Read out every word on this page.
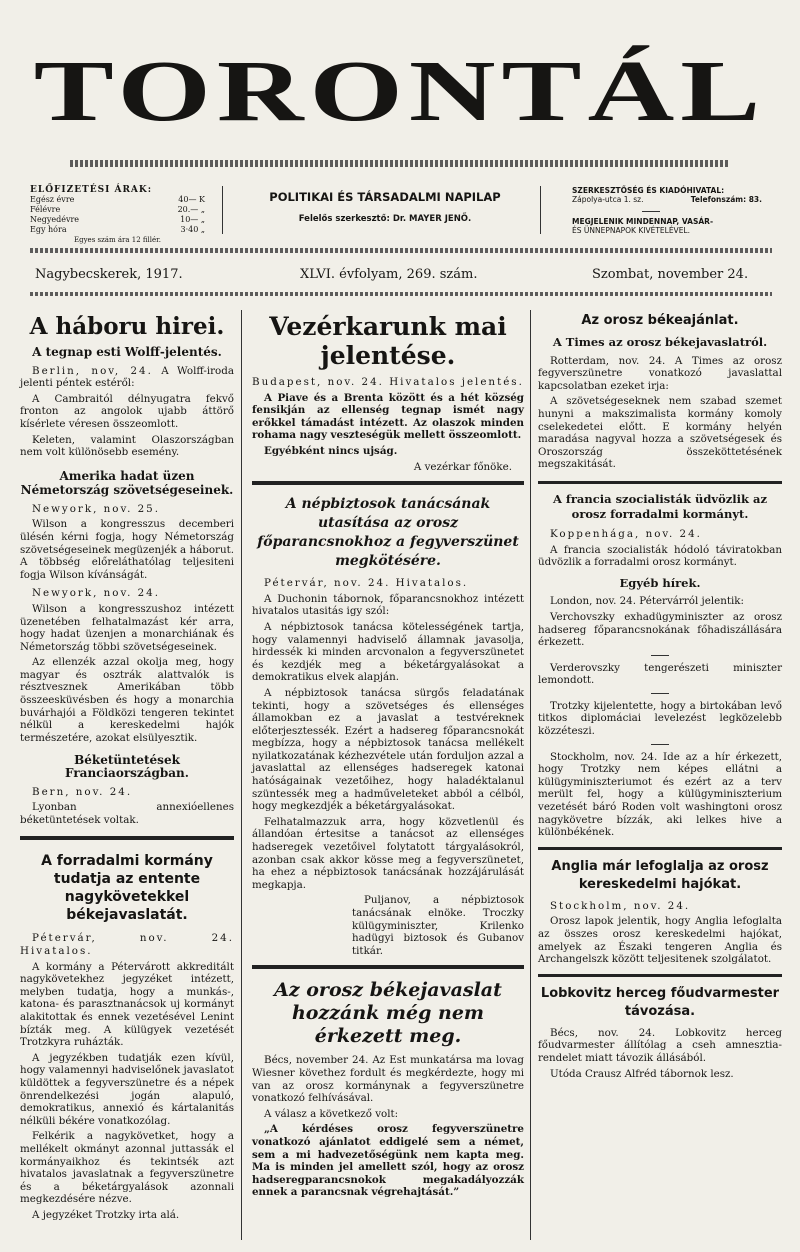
TORONTÁL
ELŐFIZETÉSI ÁRAK:
Egész évre	40— K
Félévre	20.— „
Negyedévre	10— „
Egy hóra	3·40 „
Egyes szám ára 12 fillér.
POLITIKAI ÉS TÁRSADALMI NAPILAP
Felelős szerkesztő: Dr. MAYER JENŐ.
SZERKESZTŐSÉG ÉS KIADÓHIVATAL:
Zápolya-utca 1. sz.	Telefonszám: 83.
MEGJELENIK MINDENNAP, VASÁR-
ÉS ÜNNEPNAPOK KIVÉTELÉVEL.
Nagybecskerek, 1917.	XLVI. évfolyam, 269. szám.	Szombat, november 24.
A háboru hirei.
A tegnap esti Wolff-jelentés.

Berlin, nov, 24. A Wolff-iroda jelenti péntek estéről:

A Cambraitól délnyugatra fekvő fronton az angolok ujabb áttörő kísérlete véresen összeomlott.

Keleten, valamint Olaszországban nem volt különösebb esemény.

Amerika hadat üzen Németország szövetségeseinek.

Newyork, nov. 25.

Wilson a kongresszus decemberi ülésén kérni fogja, hogy Németország szövetségeseinek megüzenjék a háborut. A többség előreláthatólag teljesiteni fogja Wilson kívánságát.

Newyork, nov. 24.

Wilson a kongresszushoz intézett üzenetében felhatalmazást kér arra, hogy hadat üzenjen a monarchiának és Németország többi szövetségeseinek.

Az ellenzék azzal okolja meg, hogy magyar és osztrák alattvalók is résztvesznek Amerikában több összeesküvésben és hogy a monarchia buvárhajói a Földközi tengeren tekintet nélkül a kereskedelmi hajók természetére, azokat elsülyesztik.

Béketüntetések Franciaországban.

Bern, nov. 24.

Lyonban annexióellenes béketüntetések voltak.

A forradalmi kormány tudatja az entente nagykövetekkel békejavaslatát.

Pétervár, nov. 24. Hivatalos.

A kormány a Pétervárott akkreditált nagykövetekhez jegyzéket intézett, melyben tudatja, hogy a munkás-, katona- és parasztnanácsok uj kormányt alakitottak és ennek vezetésével Lenint bízták meg. A külügyek vezetését Trotzkyra ruházták.

A jegyzékben tudatják ezen kívül, hogy valamennyi hadviselőnek javaslatot küldöttek a fegyverszünetre és a népek önrendelkezési jogán alapuló, demokratikus, annexió és kártalanitás nélküli békére vonatkozólag.

Felkérik a nagykövetket, hogy a mellékelt okmányt azonnal juttassák el kormányaikhoz és tekintsék azt hivatalos javaslatnak a fegyverszünetre és a béketárgyalások azonnali megkezdésére nézve.

A jegyzéket Trotzky irta alá.

Vezérkarunk mai jelentése.

Budapest, nov. 24. Hivatalos jelentés.

A Piave és a Brenta között és a hét község fensikján az ellenség tegnap ismét nagy erőkkel támadást intézett. Az olaszok minden rohama nagy veszteségük mellett összeomlott.

Egyébként nincs ujság.

A vezérkar főnöke.

A népbiztosok tanácsának utasítása az orosz főparancsnokhoz a fegyverszünet megkötésére.

Pétervár, nov. 24. Hivatalos.

A Duchonin tábornok, főparancsnokhoz intézett hivatalos utasitás igy szól:

A népbiztosok tanácsa kötelességének tartja, hogy valamennyi hadviselő államnak javasolja, hirdessék ki minden arcvonalon a fegyverszünetet és kezdjék meg a béketárgyalásokat a demokratikus elvek alapján.

A népbiztosok tanácsa sürgős feladatának tekinti, hogy a szövetséges és ellenséges államokban ez a javaslat a testvéreknek előterjesztessék. Ezért a hadsereg főparancsnokát megbízza, hogy a népbiztosok tanácsa mellékelt nyilatkozatának kézhezvétele után forduljon azzal a javaslattal az ellenséges hadseregek katonai hatóságainak vezetőihez, hogy haladéktalanul szüntessék meg a hadműveleteket abból a célból, hogy megkezdjék a béketárgyalásokat.

Felhatalmazzuk arra, hogy közvetlenül és állandóan értesitse a tanácsot az ellenséges hadseregek vezetőivel folytatott tárgyalásokról, azonban csak akkor kösse meg a fegyverszünetet, ha ehez a népbiztosok tanácsának hozzájárulását megkapja.

Puljanov, a népbiztosok tanácsának elnöke. Troczky külügyminiszter, Krilenko hadügyi biztosok és Gubanov titkár.

Az orosz békejavaslat hozzánk még nem érkezett meg.

Bécs, november 24. Az Est munkatársa ma lovag Wiesner követhez fordult és megkérdezte, hogy mi van az orosz kormánynak a fegyverszünetre vonatkozó felhívásával.

A válasz a következő volt:

„A kérdéses orosz fegyverszünetre vonatkozó ajánlatot eddigelé sem a német, sem a mi hadvezetőségünk nem kapta meg. Ma is minden jel amellett szól, hogy az orosz hadseregparancsnokok megakadályozzák ennek a parancsnak végrehajtását.”

Az orosz békeajánlat.
A Times az orosz békejavaslatról.

Rotterdam, nov. 24. A Times az orosz fegyverszünetre vonatkozó javaslattal kapcsolatban ezeket irja:

A szövetségeseknek nem szabad szemet hunyni a makszimalista kormány komoly cselekedetei előtt. E kormány helyén maradása nagyval hozza a szövetségesek és Oroszország összeköttetésének megszakitását.

A francia szocialisták üdvözlik az orosz forradalmi kormányt.

Koppenhága, nov. 24.

A francia szocialisták hódoló táviratokban üdvözlik a forradalmi orosz kormányt.

Egyéb hírek.

London, nov. 24. Pétervárról jelentik:

Verchovszky exhadügyminiszter az orosz hadsereg főparancsnokának főhadiszállására érkezett.

Verderovszky tengerészeti miniszter lemondott.

Trotzky kijelentette, hogy a birtokában levő titkos diplomáciai levelezést legközelebb közzéteszi.

Stockholm, nov. 24. Ide az a hír érkezett, hogy Trotzky nem képes ellátni a külügyminiszteriumot és ezért az a terv merült fel, hogy a külügyminiszterium vezetését báró Roden volt washingtoni orosz nagykövetre bízzák, aki lelkes hive a különbékének.

Anglia már lefoglalja az orosz kereskedelmi hajókat.

Stockholm, nov. 24.

Orosz lapok jelentik, hogy Anglia lefoglalta az összes orosz kereskedelmi hajókat, amelyek az Északi tengeren Anglia és Archangelszk között teljesitenek szolgálatot.

Lobkovitz herceg főudvarmester távozása.

Bécs, nov. 24. Lobkovitz herceg főudvarmester állítólag a cseh amnesztia-rendelet miatt távozik állásából.

Utóda Crausz Alfréd tábornok lesz.
